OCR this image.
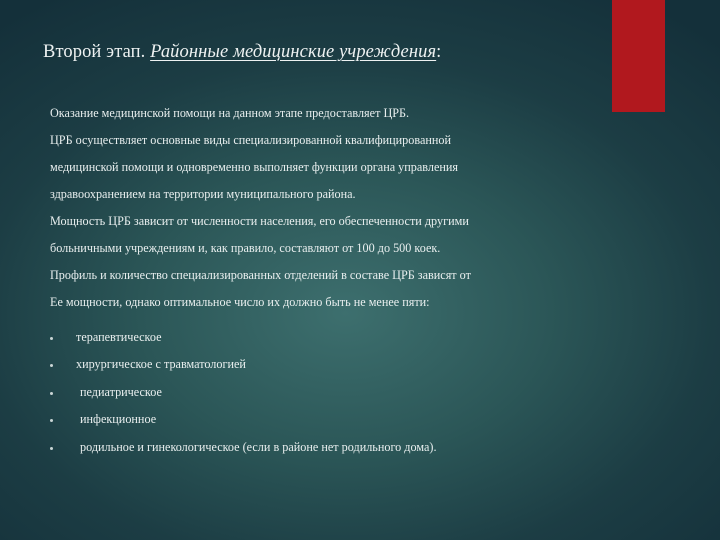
Второй этап. Районные медицинские учреждения:

Оказание медицинской помощи на данном этапе предоставляет ЦРБ.

ЦРБ осуществляет основные виды специализированной квалифицированной

медицинской помощи и одновременно выполняет функции органа управления

здравоохранением на территории муниципального района.

Мощность ЦРБ зависит от численности населения, его обеспеченности другими

больничными учреждениям и, как правило, составляют от 100 до 500 коек.

Профиль и количество специализированных отделений в составе ЦРБ зависят от

Ее мощности, однако оптимальное число их должно быть не менее пяти:

терапевтическое
хирургическое с травматологией
педиатрическое
инфекционное
родильное и гинекологическое (если в районе нет родильного дома).
